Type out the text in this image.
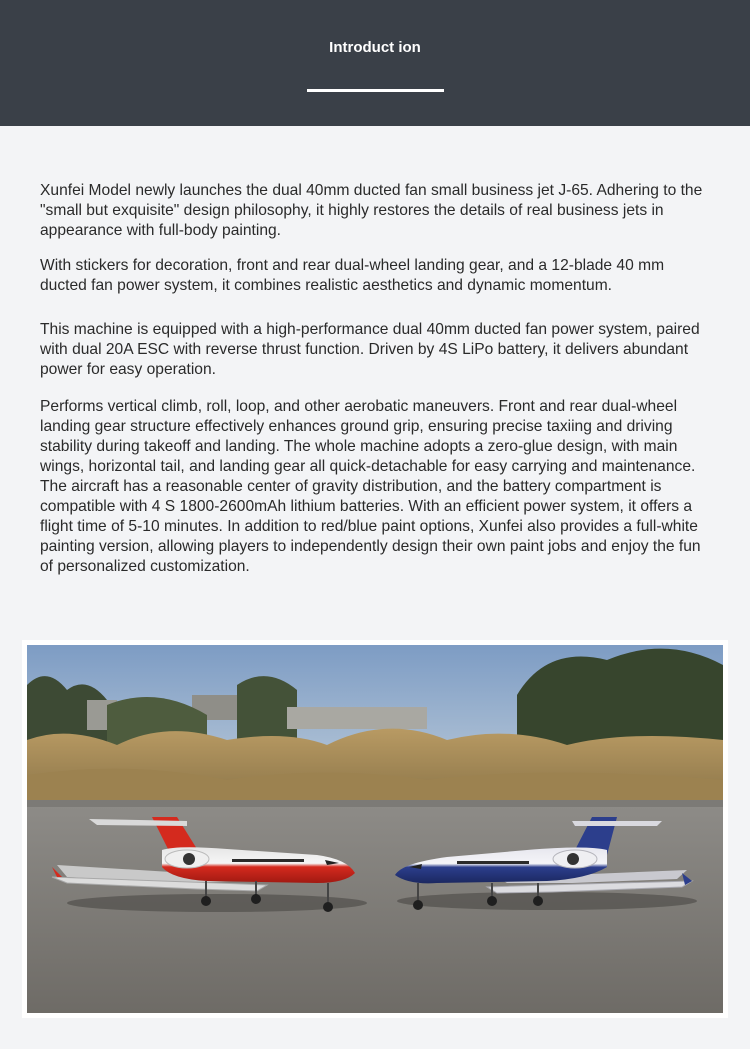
Introduct ion

Xunfei Model newly launches the dual 40mm ducted fan small business jet J-65. Adhering to the "small but exquisite" design philosophy, it highly restores the details of real business jets in appearance with full-body painting.

With stickers for decoration, front and rear dual-wheel landing gear, and a 12-blade 40 mm ducted fan power system, it combines realistic aesthetics and dynamic momentum.

This machine is equipped with a high-performance dual 40mm ducted fan power system, paired with dual 20A ESC with reverse thrust function. Driven by 4S LiPo battery, it delivers abundant power for easy operation.

Performs vertical climb, roll, loop, and other aerobatic maneuvers. Front and rear dual-wheel landing gear structure effectively enhances ground grip, ensuring precise taxiing and driving stability during takeoff and landing. The whole machine adopts a zero-glue design, with main wings, horizontal tail, and landing gear all quick-detachable for easy carrying and maintenance. The aircraft has a reasonable center of gravity distribution, and the battery compartment is compatible with 4 S 1800-2600mAh lithium batteries. With an efficient power system, it offers a flight time of 5-10 minutes. In addition to red/blue paint options, Xunfei also provides a full-white painting version, allowing players to independently design their own paint jobs and enjoy the fun of personalized customization.
